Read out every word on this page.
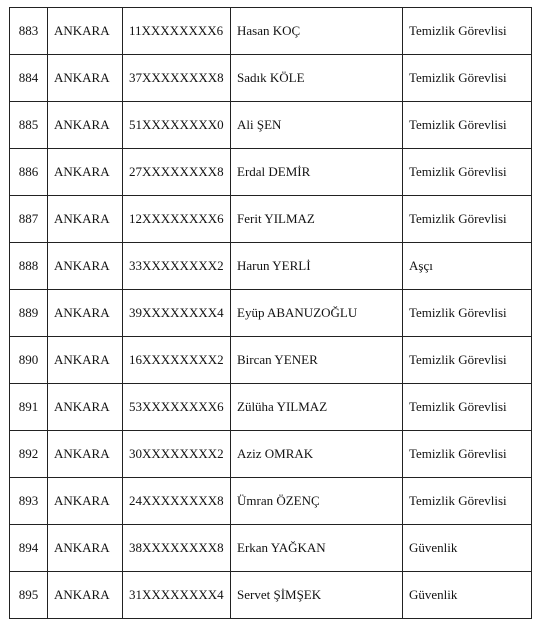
883	ANKARA	11XXXXXXXX6	Hasan KOÇ	Temizlik Görevlisi
884	ANKARA	37XXXXXXXX8	Sadık KÖLE	Temizlik Görevlisi
885	ANKARA	51XXXXXXXX0	Ali ŞEN	Temizlik Görevlisi
886	ANKARA	27XXXXXXXX8	Erdal DEMİR	Temizlik Görevlisi
887	ANKARA	12XXXXXXXX6	Ferit YILMAZ	Temizlik Görevlisi
888	ANKARA	33XXXXXXXX2	Harun YERLİ	Aşçı
889	ANKARA	39XXXXXXXX4	Eyüp ABANUZOĞLU	Temizlik Görevlisi
890	ANKARA	16XXXXXXXX2	Bircan YENER	Temizlik Görevlisi
891	ANKARA	53XXXXXXXX6	Zülüha YILMAZ	Temizlik Görevlisi
892	ANKARA	30XXXXXXXX2	Aziz OMRAK	Temizlik Görevlisi
893	ANKARA	24XXXXXXXX8	Ümran ÖZENÇ	Temizlik Görevlisi
894	ANKARA	38XXXXXXXX8	Erkan YAĞKAN	Güvenlik
895	ANKARA	31XXXXXXXX4	Servet ŞİMŞEK	Güvenlik
